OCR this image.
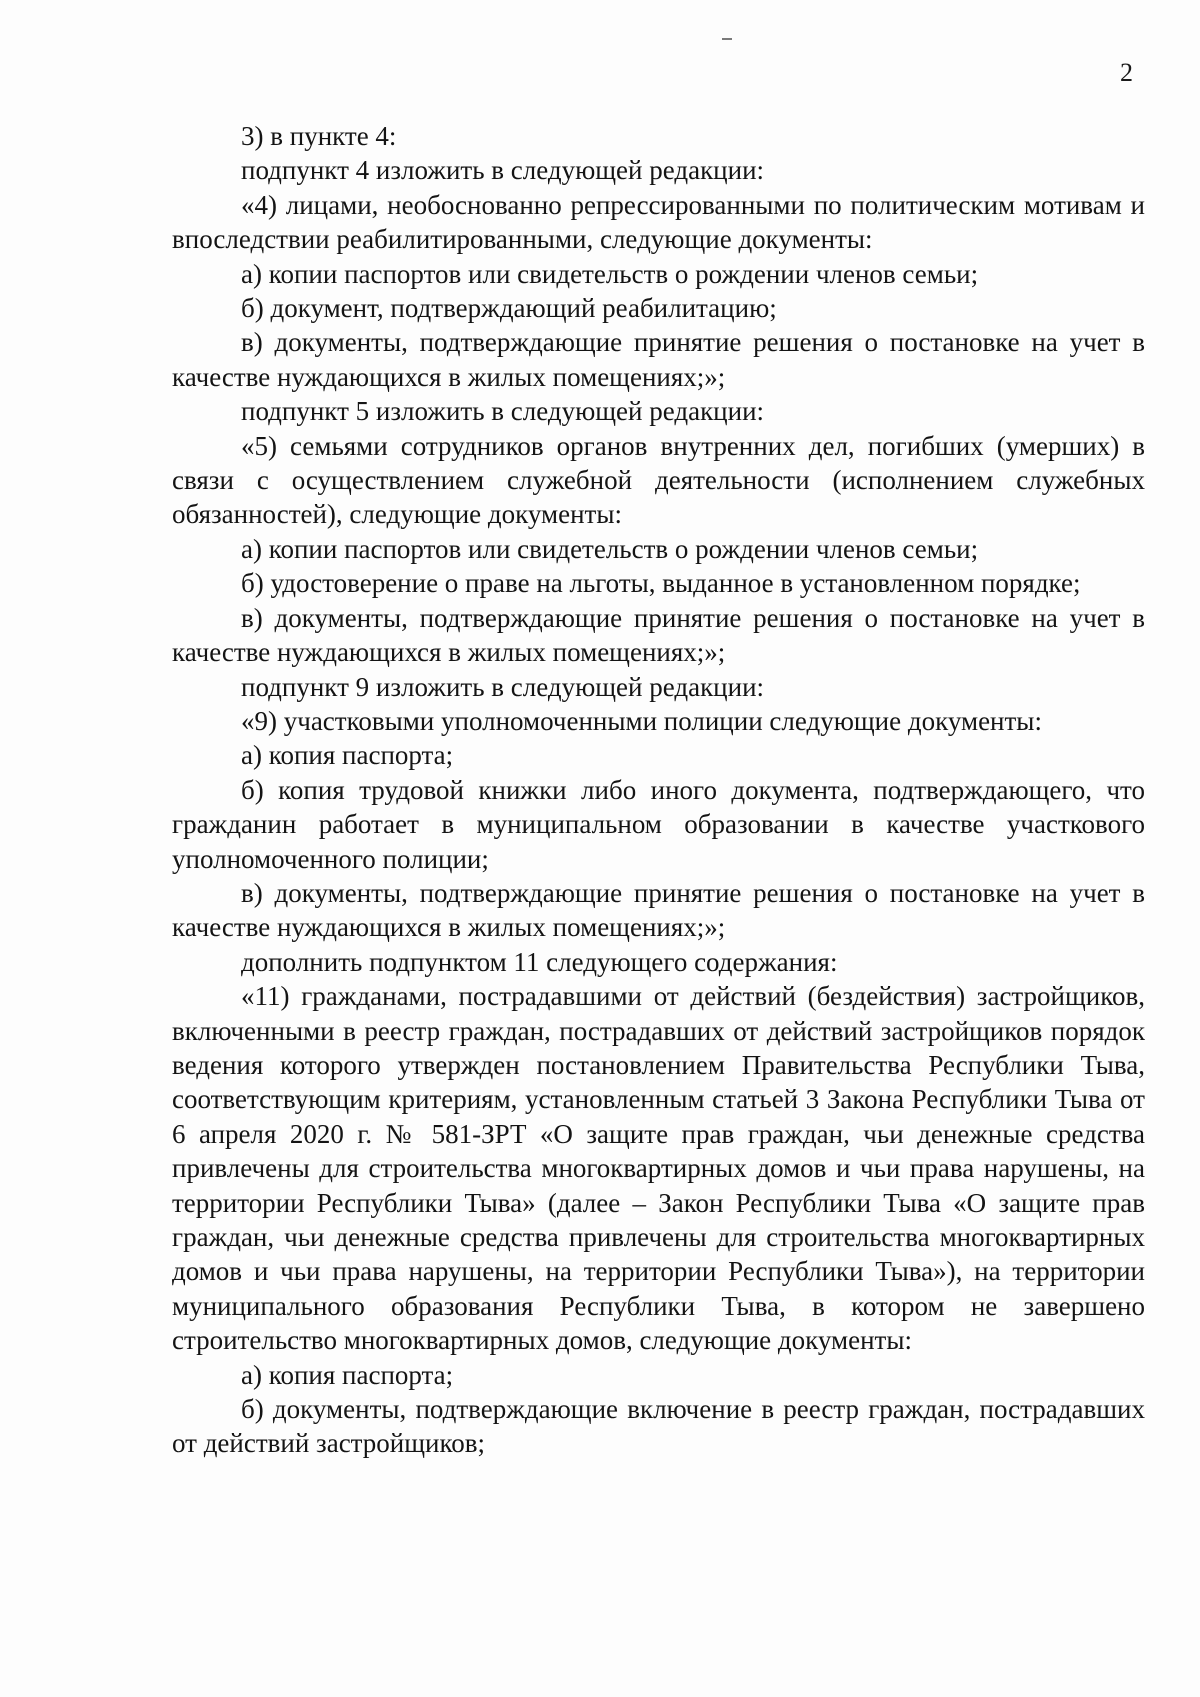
2

3) в пункте 4:

подпункт 4 изложить в следующей редакции:

«4) лицами, необоснованно репрессированными по политическим мотивам и впоследствии реабилитированными, следующие документы:

а) копии паспортов или свидетельств о рождении членов семьи;

б) документ, подтверждающий реабилитацию;

в) документы, подтверждающие принятие решения о постановке на учет в качестве нуждающихся в жилых помещениях;»;

подпункт 5 изложить в следующей редакции:

«5) семьями сотрудников органов внутренних дел, погибших (умерших) в связи с осуществлением служебной деятельности (исполнением служебных обязанностей), следующие документы:

а) копии паспортов или свидетельств о рождении членов семьи;

б) удостоверение о праве на льготы, выданное в установленном порядке;

в) документы, подтверждающие принятие решения о постановке на учет в качестве нуждающихся в жилых помещениях;»;

подпункт 9 изложить в следующей редакции:

«9) участковыми уполномоченными полиции следующие документы:

а) копия паспорта;

б) копия трудовой книжки либо иного документа, подтверждающего, что гражданин работает в муниципальном образовании в качестве участкового уполномоченного полиции;

в) документы, подтверждающие принятие решения о постановке на учет в качестве нуждающихся в жилых помещениях;»;

дополнить подпунктом 11 следующего содержания:

«11) гражданами, пострадавшими от действий (бездействия) застройщиков, включенными в реестр граждан, пострадавших от действий застройщиков порядок ведения которого утвержден постановлением Правительства Республики Тыва, соответствующим критериям, установленным статьей 3 Закона Республики Тыва от 6 апреля 2020 г. № 581-ЗРТ «О защите прав граждан, чьи денежные средства привлечены для строительства многоквартирных домов и чьи права нарушены, на территории Республики Тыва» (далее – Закон Республики Тыва «О защите прав граждан, чьи денежные средства привлечены для строительства многоквартирных домов и чьи права нарушены, на территории Республики Тыва»), на территории муниципального образования Республики Тыва, в котором не завершено строительство многоквартирных домов, следующие документы:

а) копия паспорта;

б) документы, подтверждающие включение в реестр граждан, пострадавших от действий застройщиков;
